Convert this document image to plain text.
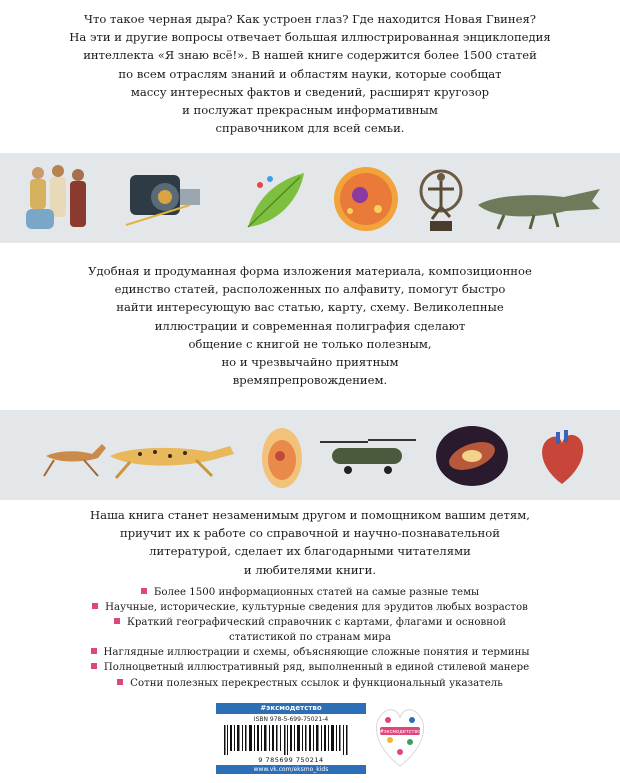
Что такое черная дыра? Как устроен глаз? Где находится Новая Гвинея?
На эти и другие вопросы отвечает большая иллюстрированная энциклопедия
интеллекта «Я знаю всё!». В нашей книге содержится более 1500 статей
по всем отраслям знаний и областям науки, которые сообщат
массу интересных фактов и сведений, расширят кругозор
и послужат прекрасным информативным
справочником для всей семьи.
Удобная и продуманная форма изложения материала, композиционное
единство статей, расположенных по алфавиту, помогут быстро
найти интересующую вас статью, карту, схему. Великолепные
иллюстрации и современная полиграфия сделают
общение с книгой не только полезным,
но и чрезвычайно приятным
времяпрепровождением.
Наша книга станет незаменимым другом и помощником вашим детям,
приучит их к работе со справочной и научно-познавательной
литературой, сделает их благодарными читателями
и любителями книги.
Более 1500 информационных статей на самые разные темы
Научные, исторические, культурные сведения для эрудитов любых возрастов
Краткий географический справочник с картами, флагами и основной
статистикой по странам мира
Наглядные иллюстрации и схемы, объясняющие сложные понятия и термины
Полноцветный иллюстративный ряд, выполненный в единой стилевой манере
Сотни полезных перекрестных ссылок и функциональный указатель
#эксмодетство
ISBN 978-5-699-75021-4
9 785699 750214
www.vk.com/eksmo_kids
#эксмодетство
